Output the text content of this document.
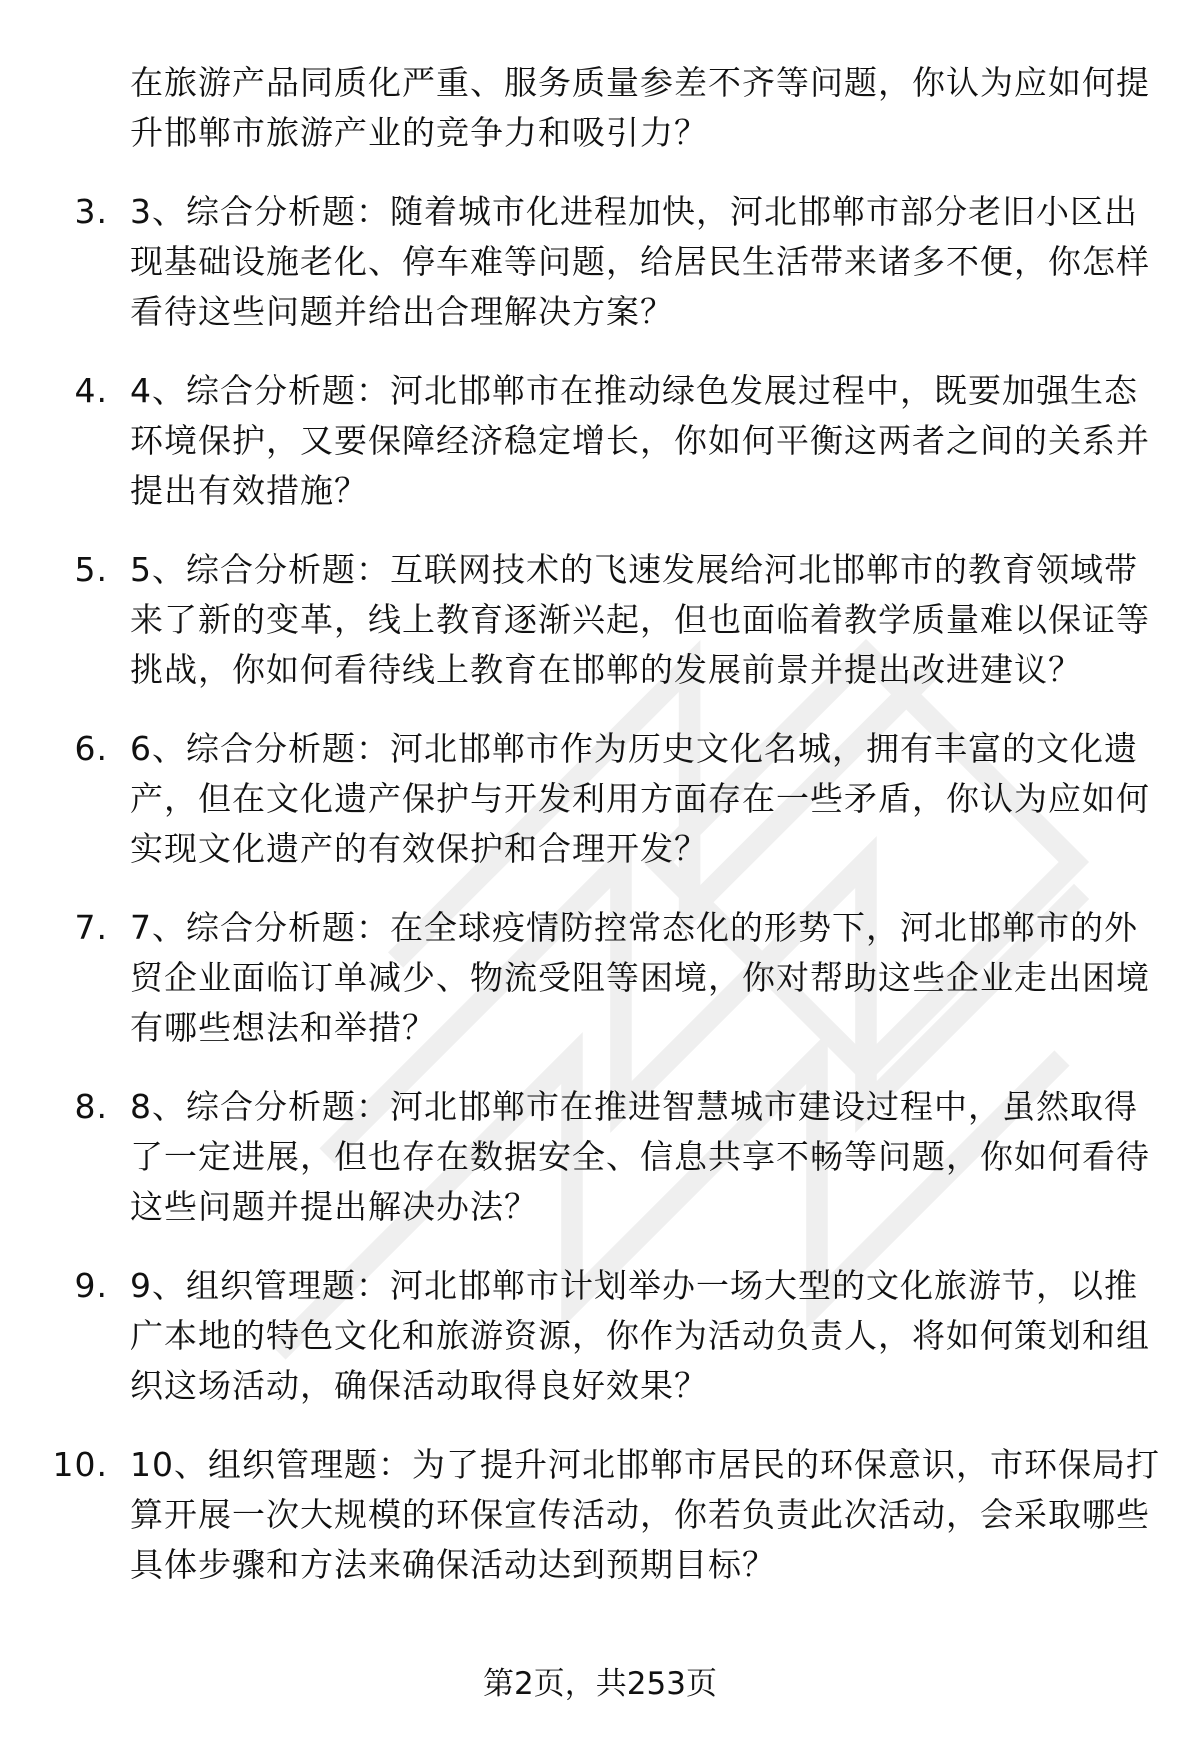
在旅游产品同质化严重、服务质量参差不齐等问题，你认为应如何提升邯郸市旅游产业的竞争力和吸引力？
3. 3、综合分析题：随着城市化进程加快，河北邯郸市部分老旧小区出现基础设施老化、停车难等问题，给居民生活带来诸多不便，你怎样看待这些问题并给出合理解决方案？
4. 4、综合分析题：河北邯郸市在推动绿色发展过程中，既要加强生态环境保护，又要保障经济稳定增长，你如何平衡这两者之间的关系并提出有效措施？
5. 5、综合分析题：互联网技术的飞速发展给河北邯郸市的教育领域带来了新的变革，线上教育逐渐兴起，但也面临着教学质量难以保证等挑战，你如何看待线上教育在邯郸的发展前景并提出改进建议？
6. 6、综合分析题：河北邯郸市作为历史文化名城，拥有丰富的文化遗产，但在文化遗产保护与开发利用方面存在一些矛盾，你认为应如何实现文化遗产的有效保护和合理开发？
7. 7、综合分析题：在全球疫情防控常态化的形势下，河北邯郸市的外贸企业面临订单减少、物流受阻等困境，你对帮助这些企业走出困境有哪些想法和举措？
8. 8、综合分析题：河北邯郸市在推进智慧城市建设过程中，虽然取得了一定进展，但也存在数据安全、信息共享不畅等问题，你如何看待这些问题并提出解决办法？
9. 9、组织管理题：河北邯郸市计划举办一场大型的文化旅游节，以推广本地的特色文化和旅游资源，你作为活动负责人，将如何策划和组织这场活动，确保活动取得良好效果？
10. 10、组织管理题：为了提升河北邯郸市居民的环保意识，市环保局打算开展一次大规模的环保宣传活动，你若负责此次活动，会采取哪些具体步骤和方法来确保活动达到预期目标？
第2页，共253页
